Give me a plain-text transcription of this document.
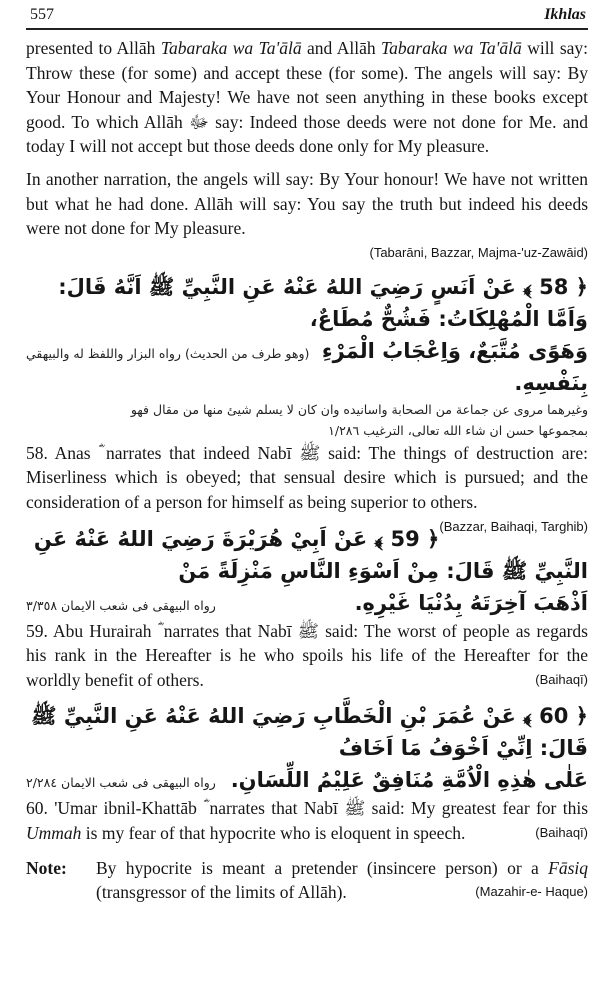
557	Ikhlas

presented to Allāh Tabaraka wa Ta'ālā and Allāh Tabaraka wa Ta'ālā will say: Throw these (for some) and accept these (for some). The angels will say: By Your Honour and Majesty! We have not seen anything in these books except good. To which Allāh ﷻ say: Indeed those deeds were not done for Me. and today I will not accept but those deeds done only for My pleasure.

In another narration, the angels will say: By Your honour! We have not written but what he had done. Allāh will say: You say the truth but indeed his deeds were not done for My pleasure.

(Tabarāni, Bazzar, Majma-'uz-Zawāid)
﴿ 58 ﴾ عَنْ اَنَسٍ رَضِيَ اللهُ عَنْهُ عَنِ النَّبِيِّ ﷺ اَنَّهُ قَالَ: وَاَمَّا الْمُهْلِكَاتُ: فَشُحٌّ مُطَاعٌ،
وَهَوًى مُتَّبَعٌ، وَاِعْجَابُ الْمَرْءِ بِنَفْسِهِ.
(وهو طرف من الحديث) رواه البزار واللفظ له والبيهقي
وغيرهما مروى عن جماعة من الصحابة واسانيده وان كان لا يسلم شيئ منها من مقال فهو
بمجموعها حسن ان شاء الله تعالى، الترغيب ١/٢٨٦

58. Anas ؓ narrates that indeed Nabī ﷺ said: The things of destruction are: Miserliness which is obeyed; that sensual desire which is pursued; and the consideration of a person for himself as being superior to others.
(Bazzar, Baihaqi, Targhib)

﴿ 59 ﴾ عَنْ اَبِيْ هُرَيْرَةَ رَضِيَ اللهُ عَنْهُ عَنِ النَّبِيِّ ﷺ قَالَ: مِنْ اَسْوَءِ النَّاسِ مَنْزِلَةً مَنْ
اَذْهَبَ آخِرَتَهُ بِدُنْيَا غَيْرِهِ.
رواه البيهقى فى شعب الايمان ٣/٣٥٨

59. Abu Hurairah ؓ narrates that Nabī ﷺ said: The worst of people as regards his rank in the Hereafter is he who spoils his life of the Hereafter for the worldly benefit of others.	(Baihaqī)

﴿ 60 ﴾ عَنْ عُمَرَ بْنِ الْخَطَّابِ رَضِيَ اللهُ عَنْهُ عَنِ النَّبِيِّ ﷺ قَالَ: اِنِّيْ اَخْوَفُ مَا اَخَافُ
عَلٰى هٰذِهِ الْاُمَّةِ مُنَافِقٌ عَلِيْمُ اللِّسَانِ.
رواه البيهقى فى شعب الايمان ٢/٢٨٤

60. 'Umar ibnil-Khattāb ؓ narrates that Nabī ﷺ said: My greatest fear for this Ummah is my fear of that hypocrite who is eloquent in speech.	(Baihaqī)

Note:	By hypocrite is meant a pretender (insincere person) or a Fāsiq (transgressor of the limits of Allāh).	(Mazahir-e- Haque)
